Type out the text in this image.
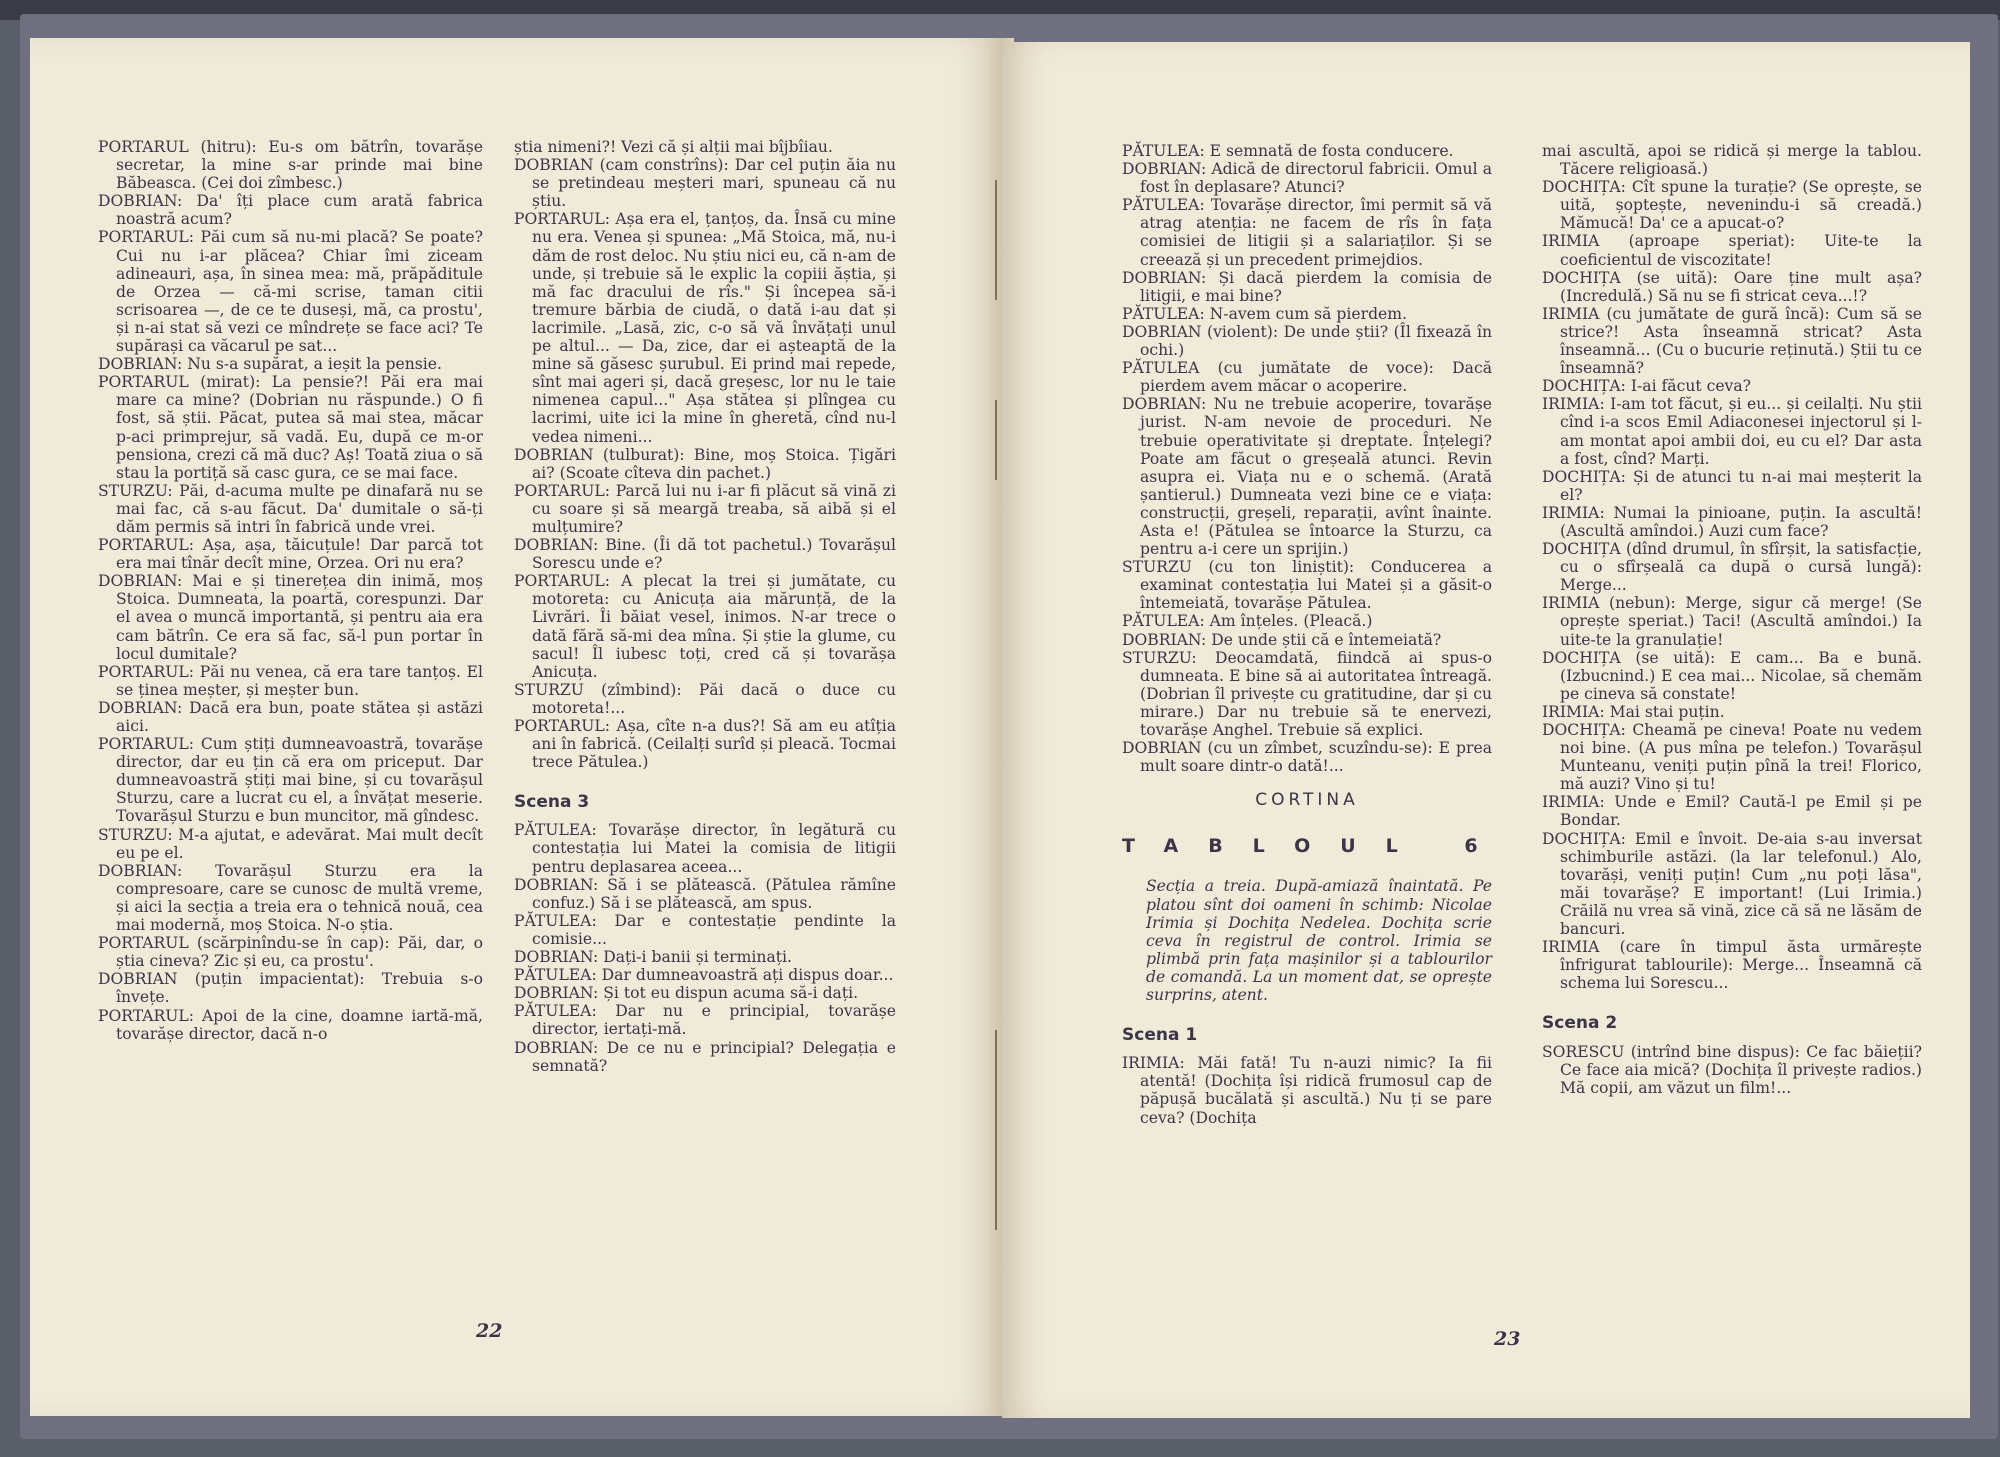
PORTARUL (hitru): Eu-s om bătrîn, tovarășe secretar, la mine s-ar prinde mai bine Băbeasca. (Cei doi zîmbesc.)

DOBRIAN: Da' îți place cum arată fabrica noastră acum?

PORTARUL: Păi cum să nu-mi placă? Se poate? Cui nu i-ar plăcea? Chiar îmi ziceam adineauri, așa, în sinea mea: mă, prăpăditule de Orzea — că-mi scrise, taman citii scrisoarea —, de ce te duseși, mă, ca prostu', și n-ai stat să vezi ce mîndrețe se face aci? Te supărași ca văcarul pe sat...

DOBRIAN: Nu s-a supărat, a ieșit la pensie.

PORTARUL (mirat): La pensie?! Păi era mai mare ca mine? (Dobrian nu răspunde.) O fi fost, să știi. Păcat, putea să mai stea, măcar p-aci primprejur, să vadă. Eu, după ce m-or pensiona, crezi că mă duc? Aș! Toată ziua o să stau la portiță să casc gura, ce se mai face.

STURZU: Păi, d-acuma multe pe dinafară nu se mai fac, că s-au făcut. Da' dumitale o să-ți dăm permis să intri în fabrică unde vrei.

PORTARUL: Așa, așa, tăicuțule! Dar parcă tot era mai tînăr decît mine, Orzea. Ori nu era?

DOBRIAN: Mai e și tinerețea din inimă, moș Stoica. Dumneata, la poartă, corespunzi. Dar el avea o muncă importantă, și pentru aia era cam bătrîn. Ce era să fac, să-l pun portar în locul dumitale?

PORTARUL: Păi nu venea, că era tare tanțoș. El se ținea meșter, și meșter bun.

DOBRIAN: Dacă era bun, poate stătea și astăzi aici.

PORTARUL: Cum știți dumneavoastră, tovarășe director, dar eu țin că era om priceput. Dar dumneavoastră știți mai bine, și cu tovarășul Sturzu, care a lucrat cu el, a învățat meserie. Tovarășul Sturzu e bun muncitor, mă gîndesc.

STURZU: M-a ajutat, e adevărat. Mai mult decît eu pe el.

DOBRIAN: Tovarășul Sturzu era la compresoare, care se cunosc de multă vreme, și aici la secția a treia era o tehnică nouă, cea mai modernă, moș Stoica. N-o știa.

PORTARUL (scărpinîndu-se în cap): Păi, dar, o știa cineva? Zic și eu, ca prostu'.

DOBRIAN (puțin impacientat): Trebuia s-o învețe.

PORTARUL: Apoi de la cine, doamne iartă-mă, tovarășe director, dacă n-o

știa nimeni?! Vezi că și alții mai bîjbîiau.

DOBRIAN (cam constrîns): Dar cel puțin ăia nu se pretindeau meșteri mari, spuneau că nu știu.

PORTARUL: Așa era el, țanțoș, da. Însă cu mine nu era. Venea și spunea: „Mă Stoica, mă, nu-i dăm de rost deloc. Nu știu nici eu, că n-am de unde, și trebuie să le explic la copiii ăștia, și mă fac dracului de rîs." Și începea să-i tremure bărbia de ciudă, o dată i-au dat și lacrimile. „Lasă, zic, c-o să vă învățați unul pe altul... — Da, zice, dar ei așteaptă de la mine să găsesc șurubul. Ei prind mai repede, sînt mai ageri și, dacă greșesc, lor nu le taie nimenea capul..." Așa stătea și plîngea cu lacrimi, uite ici la mine în gheretă, cînd nu-l vedea nimeni...

DOBRIAN (tulburat): Bine, moș Stoica. Țigări ai? (Scoate cîteva din pachet.)

PORTARUL: Parcă lui nu i-ar fi plăcut să vină zi cu soare și să meargă treaba, să aibă și el mulțumire?

DOBRIAN: Bine. (Îi dă tot pachetul.) Tovarășul Sorescu unde e?

PORTARUL: A plecat la trei și jumătate, cu motoreta: cu Anicuța aia mărunță, de la Livrări. Îi băiat vesel, inimos. N-ar trece o dată fără să-mi dea mîna. Și știe la glume, cu sacul! Îl iubesc toți, cred că și tovarășa Anicuța.

STURZU (zîmbind): Păi dacă o duce cu motoreta!...

PORTARUL: Așa, cîte n-a dus?! Să am eu atîția ani în fabrică. (Ceilalți surîd și pleacă. Tocmai trece Pătulea.)

Scena 3

PĂTULEA: Tovarășe director, în legătură cu contestația lui Matei la comisia de litigii pentru deplasarea aceea...

DOBRIAN: Să i se plătească. (Pătulea rămîne confuz.) Să i se plătească, am spus.

PĂTULEA: Dar e contestație pendinte la comisie...

DOBRIAN: Dați-i banii și terminați.

PĂTULEA: Dar dumneavoastră ați dispus doar...

DOBRIAN: Și tot eu dispun acuma să-i dați.

PĂTULEA: Dar nu e principial, tovarășe director, iertați-mă.

DOBRIAN: De ce nu e principial? Delegația e semnată?

22

PĂTULEA: E semnată de fosta conducere.

DOBRIAN: Adică de directorul fabricii. Omul a fost în deplasare? Atunci?

PĂTULEA: Tovarășe director, îmi permit să vă atrag atenția: ne facem de rîs în fața comisiei de litigii și a salariaților. Și se creează și un precedent primejdios.

DOBRIAN: Și dacă pierdem la comisia de litigii, e mai bine?

PĂTULEA: N-avem cum să pierdem.

DOBRIAN (violent): De unde știi? (Îl fixează în ochi.)

PĂTULEA (cu jumătate de voce): Dacă pierdem avem măcar o acoperire.

DOBRIAN: Nu ne trebuie acoperire, tovarășe jurist. N-am nevoie de proceduri. Ne trebuie operativitate și dreptate. Înțelegi? Poate am făcut o greșeală atunci. Revin asupra ei. Viața nu e o schemă. (Arată șantierul.) Dumneata vezi bine ce e viața: construcții, greșeli, reparații, avînt înainte. Asta e! (Pătulea se întoarce la Sturzu, ca pentru a-i cere un sprijin.)

STURZU (cu ton liniștit): Conducerea a examinat contestația lui Matei și a găsit-o întemeiată, tovarășe Pătulea.

PĂTULEA: Am înțeles. (Pleacă.)

DOBRIAN: De unde știi că e întemeiată?

STURZU: Deocamdată, fiindcă ai spus-o dumneata. E bine să ai autoritatea întreagă. (Dobrian îl privește cu gratitudine, dar și cu mirare.) Dar nu trebuie să te enervezi, tovarășe Anghel. Trebuie să explici.

DOBRIAN (cu un zîmbet, scuzîndu-se): E prea mult soare dintr-o dată!...

CORTINA

TABLOUL 6

Secția a treia. După-amiază înaintată. Pe platou sînt doi oameni în schimb: Nicolae Irimia și Dochița Nedelea. Dochița scrie ceva în registrul de control. Irimia se plimbă prin fața mașinilor și a tablourilor de comandă. La un moment dat, se oprește surprins, atent.

Scena 1

IRIMIA: Măi fată! Tu n-auzi nimic? Ia fii atentă! (Dochița își ridică frumosul cap de păpușă bucălată și ascultă.) Nu ți se pare ceva? (Dochița

mai ascultă, apoi se ridică și merge la tablou. Tăcere religioasă.)

DOCHIȚA: Cît spune la turație? (Se oprește, se uită, șoptește, nevenindu-i să creadă.) Mămucă! Da' ce a apucat-o?

IRIMIA (aproape speriat): Uite-te la coeficientul de viscozitate!

DOCHIȚA (se uită): Oare ține mult așa? (Incredulă.) Să nu se fi stricat ceva...!?

IRIMIA (cu jumătate de gură încă): Cum să se strice?! Asta înseamnă stricat? Asta înseamnă... (Cu o bucurie reținută.) Știi tu ce înseamnă?

DOCHIȚA: I-ai făcut ceva?

IRIMIA: I-am tot făcut, și eu... și ceilalți. Nu știi cînd i-a scos Emil Adiaconesei injectorul și l-am montat apoi ambii doi, eu cu el? Dar asta a fost, cînd? Marți.

DOCHIȚA: Și de atunci tu n-ai mai meșterit la el?

IRIMIA: Numai la pinioane, puțin. Ia ascultă! (Ascultă amîndoi.) Auzi cum face?

DOCHIȚA (dînd drumul, în sfîrșit, la satisfacție, cu o sfîrșeală ca după o cursă lungă): Merge...

IRIMIA (nebun): Merge, sigur că merge! (Se oprește speriat.) Taci! (Ascultă amîndoi.) Ia uite-te la granulație!

DOCHIȚA (se uită): E cam... Ba e bună. (Izbucnind.) E cea mai... Nicolae, să chemăm pe cineva să constate!

IRIMIA: Mai stai puțin.

DOCHIȚA: Cheamă pe cineva! Poate nu vedem noi bine. (A pus mîna pe telefon.) Tovarășul Munteanu, veniți puțin pînă la trei! Florico, mă auzi? Vino și tu!

IRIMIA: Unde e Emil? Caută-l pe Emil și pe Bondar.

DOCHIȚA: Emil e învoit. De-aia s-au inversat schimburile astăzi. (la lar telefonul.) Alo, tovarăși, veniți puțin! Cum „nu poți lăsa", măi tovarășe? E important! (Lui Irimia.) Crăilă nu vrea să vină, zice că să ne lăsăm de bancuri.

IRIMIA (care în timpul ăsta urmărește înfrigurat tablourile): Merge... Înseamnă că schema lui Sorescu...

Scena 2

SORESCU (intrînd bine dispus): Ce fac băieții? Ce face aia mică? (Dochița îl privește radios.) Mă copii, am văzut un film!...

23
